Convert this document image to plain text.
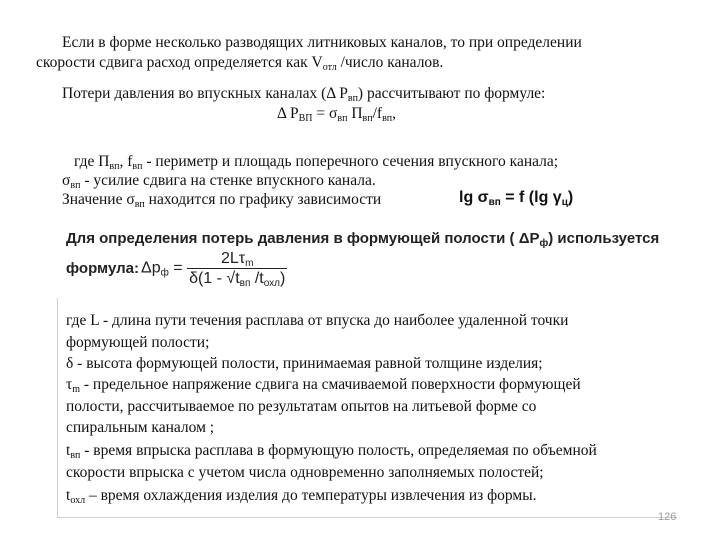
Если в форме несколько разводящих литниковых каналов, то при определении
скорости сдвига расход определяется как $V_{отл}$ /число каналов.
Потери давления во впускных каналах (Δ $P_{вп}$) рассчитывают по формуле:
Δ $P_{ВП} = \sigma_{вп}$ $П_{вп}/f_{вп}$,
где $П_{вп}$, $f_{вп}$ - периметр и площадь поперечного сечения впускного канала;
$\sigma_{вп}$ - усилие сдвига на стенке впускного канала.
Значение $\sigma_{вп}$ находится по графику зависимости	$\lg \sigma_{вп} = f$ (lg $\gamma_ц$)
Для определения потерь давления в формующей полости ( $\Delta P_ф$) используется
формула: $\Delta p_ф = \frac{2L\tau_m}{\delta(1 - √t_{вп} /t_{охл})}$
где L - длина пути течения расплава от впуска до наиболее удаленной точки
формующей полости;
δ - высота формующей полости, принимаемая равной толщине изделия;
$\tau_m$ - предельное напряжение сдвига на смачиваемой поверхности формующей
полости, рассчитываемое по результатам опытов на литьевой форме со
спиральным каналом ;
$t_{вп}$ - время впрыска расплава в формующую полость, определяемая по объемной
скорости впрыска с учетом числа одновременно заполняемых полостей;
$t_{охл}$ – время охлаждения изделия до температуры извлечения из формы.
126
